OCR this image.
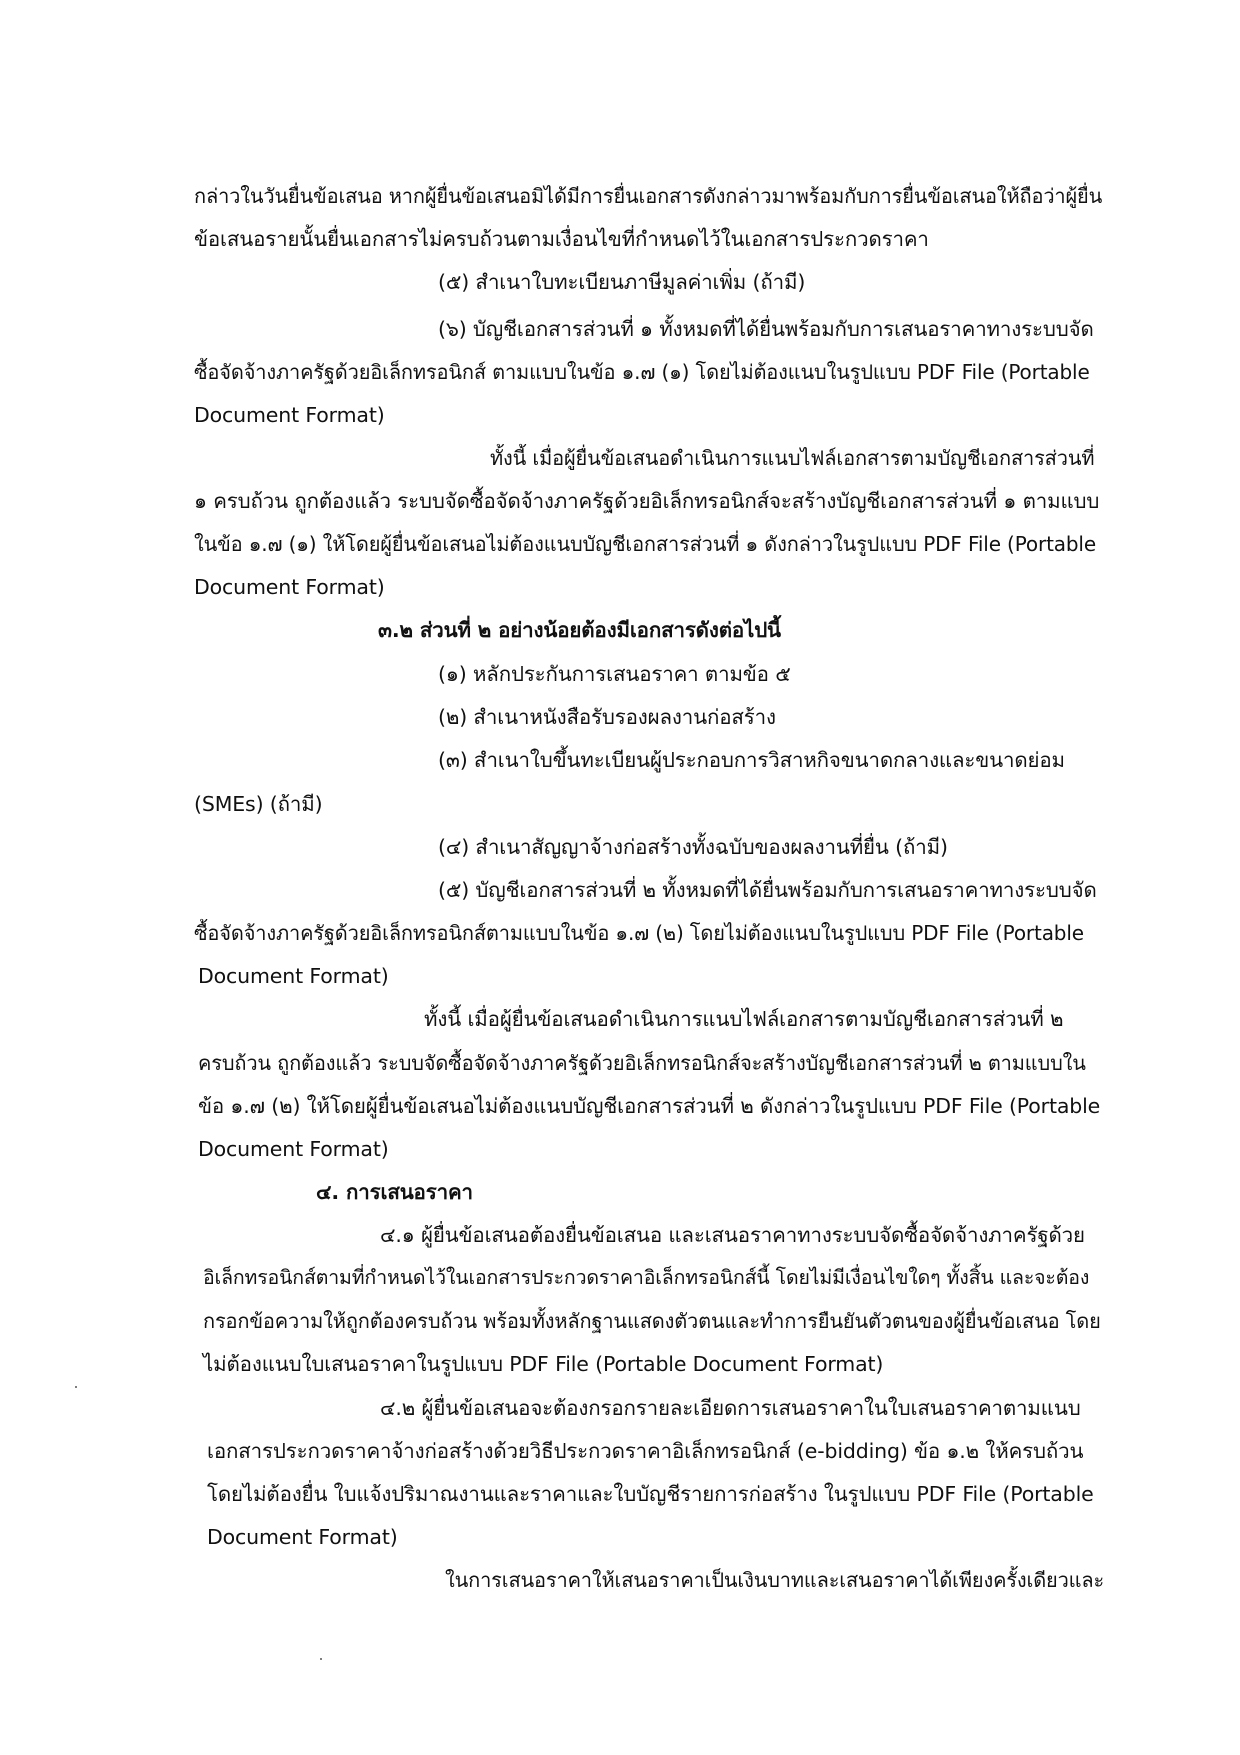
กล่าวในวันยื่นข้อเสนอ หากผู้ยื่นข้อเสนอมิได้มีการยื่นเอกสารดังกล่าวมาพร้อมกับการยื่นข้อเสนอให้ถือว่าผู้ยื่น
ข้อเสนอรายนั้นยื่นเอกสารไม่ครบถ้วนตามเงื่อนไขที่กำหนดไว้ในเอกสารประกวดราคา
(๕) สำเนาใบทะเบียนภาษีมูลค่าเพิ่ม (ถ้ามี)
(๖) บัญชีเอกสารส่วนที่ ๑ ทั้งหมดที่ได้ยื่นพร้อมกับการเสนอราคาทางระบบจัด
ซื้อจัดจ้างภาครัฐด้วยอิเล็กทรอนิกส์ ตามแบบในข้อ ๑.๗ (๑) โดยไม่ต้องแนบในรูปแบบ PDF File (Portable
Document Format)
ทั้งนี้ เมื่อผู้ยื่นข้อเสนอดำเนินการแนบไฟล์เอกสารตามบัญชีเอกสารส่วนที่
๑ ครบถ้วน ถูกต้องแล้ว ระบบจัดซื้อจัดจ้างภาครัฐด้วยอิเล็กทรอนิกส์จะสร้างบัญชีเอกสารส่วนที่ ๑ ตามแบบ
ในข้อ ๑.๗ (๑) ให้โดยผู้ยื่นข้อเสนอไม่ต้องแนบบัญชีเอกสารส่วนที่ ๑ ดังกล่าวในรูปแบบ PDF File (Portable
Document Format)
๓.๒ ส่วนที่ ๒ อย่างน้อยต้องมีเอกสารดังต่อไปนี้
(๑) หลักประกันการเสนอราคา ตามข้อ ๕
(๒) สำเนาหนังสือรับรองผลงานก่อสร้าง
(๓) สำเนาใบขึ้นทะเบียนผู้ประกอบการวิสาหกิจขนาดกลางและขนาดย่อม
(SMEs) (ถ้ามี)
(๔) สำเนาสัญญาจ้างก่อสร้างทั้งฉบับของผลงานที่ยื่น (ถ้ามี)
(๕) บัญชีเอกสารส่วนที่ ๒ ทั้งหมดที่ได้ยื่นพร้อมกับการเสนอราคาทางระบบจัด
ซื้อจัดจ้างภาครัฐด้วยอิเล็กทรอนิกส์ตามแบบในข้อ ๑.๗ (๒) โดยไม่ต้องแนบในรูปแบบ PDF File (Portable
Document Format)
ทั้งนี้ เมื่อผู้ยื่นข้อเสนอดำเนินการแนบไฟล์เอกสารตามบัญชีเอกสารส่วนที่ ๒
ครบถ้วน ถูกต้องแล้ว ระบบจัดซื้อจัดจ้างภาครัฐด้วยอิเล็กทรอนิกส์จะสร้างบัญชีเอกสารส่วนที่ ๒ ตามแบบใน
ข้อ ๑.๗ (๒) ให้โดยผู้ยื่นข้อเสนอไม่ต้องแนบบัญชีเอกสารส่วนที่ ๒ ดังกล่าวในรูปแบบ PDF File (Portable
Document Format)
๔. การเสนอราคา
๔.๑ ผู้ยื่นข้อเสนอต้องยื่นข้อเสนอ และเสนอราคาทางระบบจัดซื้อจัดจ้างภาครัฐด้วย
อิเล็กทรอนิกส์ตามที่กำหนดไว้ในเอกสารประกวดราคาอิเล็กทรอนิกส์นี้ โดยไม่มีเงื่อนไขใดๆ ทั้งสิ้น และจะต้อง
กรอกข้อความให้ถูกต้องครบถ้วน พร้อมทั้งหลักฐานแสดงตัวตนและทำการยืนยันตัวตนของผู้ยื่นข้อเสนอ โดย
ไม่ต้องแนบใบเสนอราคาในรูปแบบ PDF File (Portable Document Format)
๔.๒ ผู้ยื่นข้อเสนอจะต้องกรอกรายละเอียดการเสนอราคาในใบเสนอราคาตามแนบ
เอกสารประกวดราคาจ้างก่อสร้างด้วยวิธีประกวดราคาอิเล็กทรอนิกส์ (e-bidding) ข้อ ๑.๒ ให้ครบถ้วน
โดยไม่ต้องยื่น ใบแจ้งปริมาณงานและราคาและใบบัญชีรายการก่อสร้าง ในรูปแบบ PDF File (Portable
Document Format)
ในการเสนอราคาให้เสนอราคาเป็นเงินบาทและเสนอราคาได้เพียงครั้งเดียวและ
